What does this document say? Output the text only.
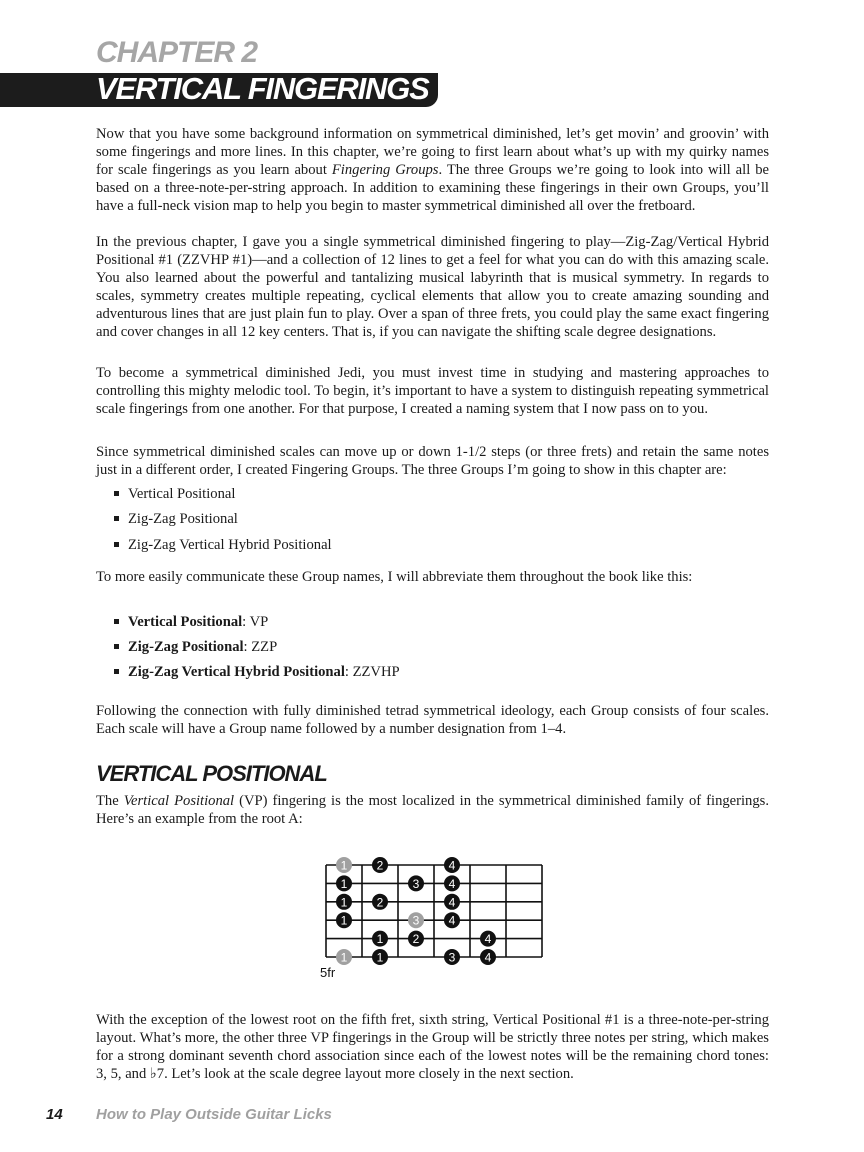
CHAPTER 2
VERTICAL FINGERINGS
Now that you have some background information on symmetrical diminished, let’s get movin’ and groovin’ with some fingerings and more lines. In this chapter, we’re going to first learn about what’s up with my quirky names for scale fingerings as you learn about Fingering Groups. The three Groups we’re going to look into will all be based on a three-note-per-string approach. In addition to examining these fingerings in their own Groups, you’ll have a full-neck vision map to help you begin to master symmetrical diminished all over the fretboard.
In the previous chapter, I gave you a single symmetrical diminished fingering to play—Zig-Zag/Vertical Hybrid Positional #1 (ZZVHP #1)—and a collection of 12 lines to get a feel for what you can do with this amazing scale. You also learned about the powerful and tantalizing musical labyrinth that is musical symmetry. In regards to scales, symmetry creates multiple repeating, cyclical elements that allow you to create amazing sounding and adventurous lines that are just plain fun to play. Over a span of three frets, you could play the same exact fingering and cover changes in all 12 key centers. That is, if you can navigate the shifting scale degree designations.
To become a symmetrical diminished Jedi, you must invest time in studying and mastering approaches to controlling this mighty melodic tool. To begin, it’s important to have a system to distinguish repeating symmetrical scale fingerings from one another. For that purpose, I created a naming system that I now pass on to you.
Since symmetrical diminished scales can move up or down 1-1/2 steps (or three frets) and retain the same notes just in a different order, I created Fingering Groups. The three Groups I’m going to show in this chapter are:
Vertical Positional
Zig-Zag Positional
Zig-Zag Vertical Hybrid Positional
To more easily communicate these Group names, I will abbreviate them throughout the book like this:
Vertical Positional: VP
Zig-Zag Positional: ZZP
Zig-Zag Vertical Hybrid Positional: ZZVHP
Following the connection with fully diminished tetrad symmetrical ideology, each Group consists of four scales. Each scale will have a Group name followed by a number designation from 1–4.
VERTICAL POSITIONAL
The Vertical Positional (VP) fingering is the most localized in the symmetrical diminished family of fingerings. Here’s an example from the root A:
1 2	4
1	3 4
1 2	4
1	3 4
1 2	4
1 1	3 4
5fr
With the exception of the lowest root on the fifth fret, sixth string, Vertical Positional #1 is a three-note-per-string layout. What’s more, the other three VP fingerings in the Group will be strictly three notes per string, which makes for a strong dominant seventh chord association since each of the lowest notes will be the remaining chord tones: 3, 5, and ♭7. Let’s look at the scale degree layout more closely in the next section.
14 How to Play Outside Guitar Licks
